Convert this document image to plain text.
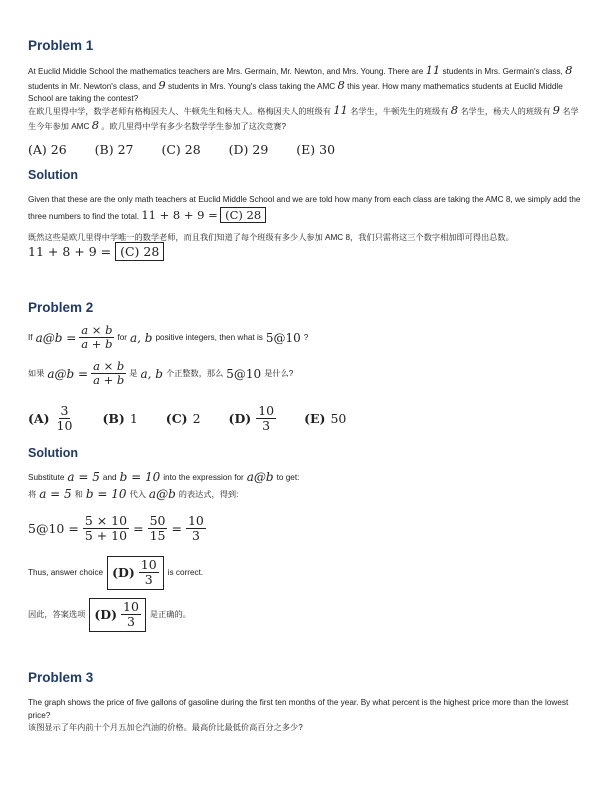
Problem 1

At Euclid Middle School the mathematics teachers are Mrs. Germain, Mr. Newton, and Mrs. Young. There are 11 students in Mrs. Germain's class, 8 students in Mr. Newton's class, and 9 students in Mrs. Young's class taking the AMC 8 this year. How many mathematics students at Euclid Middle School are taking the contest?

在欧几里得中学，数学老师有格梅因夫人、牛顿先生和杨夫人。格梅因夫人的班级有 11 名学生，牛顿先生的班级有 8 名学生，杨夫人的班级有 9 名学生今年参加 AMC 8 。欧几里得中学有多少名数学学生参加了这次竞赛?

(A) 26 (B) 27 (C) 28 (D) 29 (E) 30
Solution

Given that these are the only math teachers at Euclid Middle School and we are told how many from each class are taking the AMC 8, we simply add the three numbers to find the total. 11 + 8 + 9 = (C) 28

既然这些是欧几里得中学唯一的数学老师，而且我们知道了每个班级有多少人参加 AMC 8，我们只需将这三个数字相加即可得出总数。

11 + 8 + 9 = (C) 28
Problem 2
If a@b = $\frac{a \times b}{a + b}$ for a, b positive integers, then what is 5@10 ?
如果 a@b = $\frac{a \times b}{a + b}$ 是 a, b 个正整数，那么 5@10 是什么?
$(A) \frac{3}{10} (B)$ 1 (C) 2 $(D) \frac{10}{3} (E)$ 50
Solution
Substitute a = 5 and b = 10 into the expression for a@b to get:
将 a = 5 和 b = 10 代入 a@b 的表达式，得到:
5@10 = $\frac{5 \times 10}{5 + 10} = \frac{50}{15} = \frac{10}{3}$
Thus, answer choice $(D) \frac{10}{3}$ is correct.
因此，答案选项 $(D) \frac{10}{3}$ 是正确的。
Problem 3

The graph shows the price of five gallons of gasoline during the first ten months of the year. By what percent is the highest price more than the lowest price?

该图显示了年内前十个月五加仑汽油的价格。最高价比最低价高百分之多少?
